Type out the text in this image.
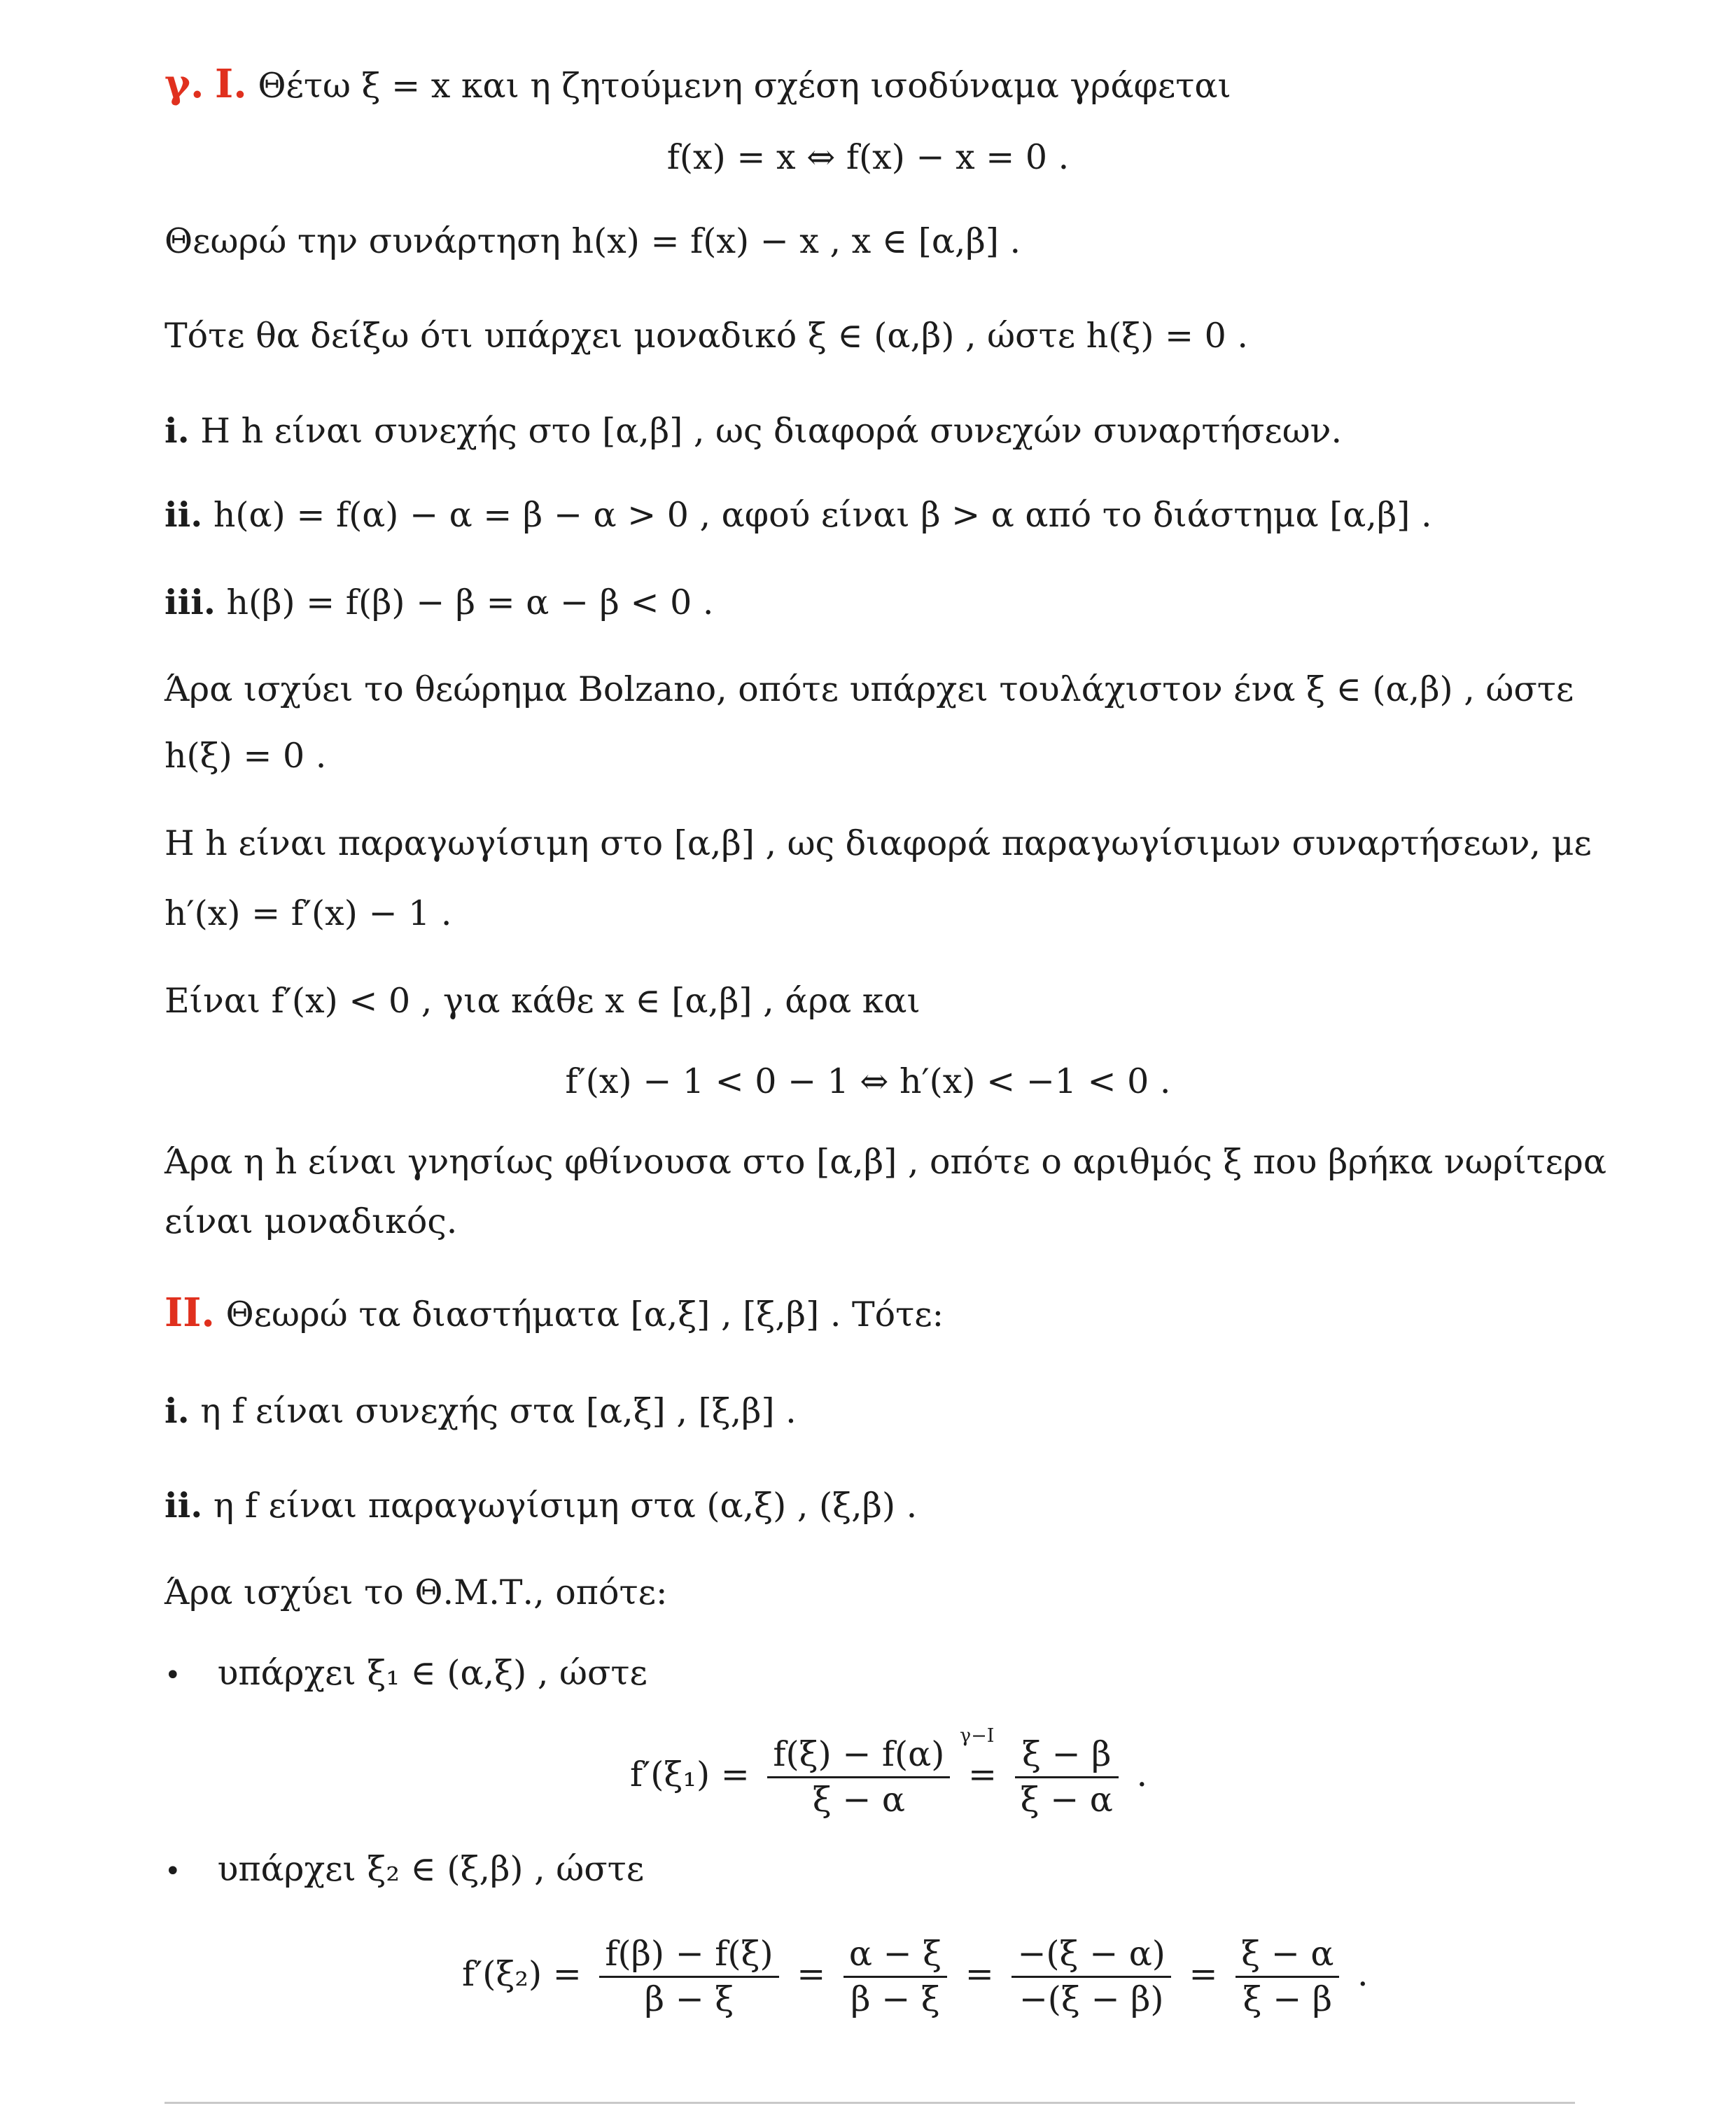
γ. I. Θέτω ξ = x και η ζητούμενη σχέση ισοδύναμα γράφεται
f(x) = x ⇔ f(x) − x = 0 .
Θεωρώ την συνάρτηση h(x) = f(x) − x , x ∈ [α,β] .
Τότε θα δείξω ότι υπάρχει μοναδικό ξ ∈ (α,β) , ώστε h(ξ) = 0 .
i. Η h είναι συνεχής στο [α,β] , ως διαφορά συνεχών συναρτήσεων.
ii. h(α) = f(α) − α = β − α > 0 , αφού είναι β > α από το διάστημα [α,β] .
iii. h(β) = f(β) − β = α − β < 0 .
Άρα ισχύει το θεώρημα Bolzano, οπότε υπάρχει τουλάχιστον ένα ξ ∈ (α,β) , ώστε
h(ξ) = 0 .
Η h είναι παραγωγίσιμη στο [α,β] , ως διαφορά παραγωγίσιμων συναρτήσεων, με
h′(x) = f′(x) − 1 .
Είναι f′(x) < 0 , για κάθε x ∈ [α,β] , άρα και
f′(x) − 1 < 0 − 1 ⇔ h′(x) < −1 < 0 .
Άρα η h είναι γνησίως φθίνουσα στο [α,β] , οπότε ο αριθμός ξ που βρήκα νωρίτερα
είναι μοναδικός.
II. Θεωρώ τα διαστήματα [α,ξ] , [ξ,β] . Τότε:
i. η f είναι συνεχής στα [α,ξ] , [ξ,β] .
ii. η f είναι παραγωγίσιμη στα (α,ξ) , (ξ,β) .
Άρα ισχύει το Θ.Μ.Τ., οπότε:
• υπάρχει ξ₁ ∈ (α,ξ) , ώστε
$f'(\xi_1) = \frac{f(\xi) - f(\alpha)}{\xi - \alpha}$
γ−I
= $\frac{\xi - \beta}{\xi - \alpha}$ .
• υπάρχει ξ₂ ∈ (ξ,β) , ώστε
$f'(\xi_2) = \frac{f(\beta) - f(\xi)}{\beta - \xi} = \frac{\alpha - \xi}{\beta - \xi} = \frac{-(\xi - \alpha)}{-(\xi - \beta)} = \frac{\xi - \alpha}{\xi - \beta}$ .
